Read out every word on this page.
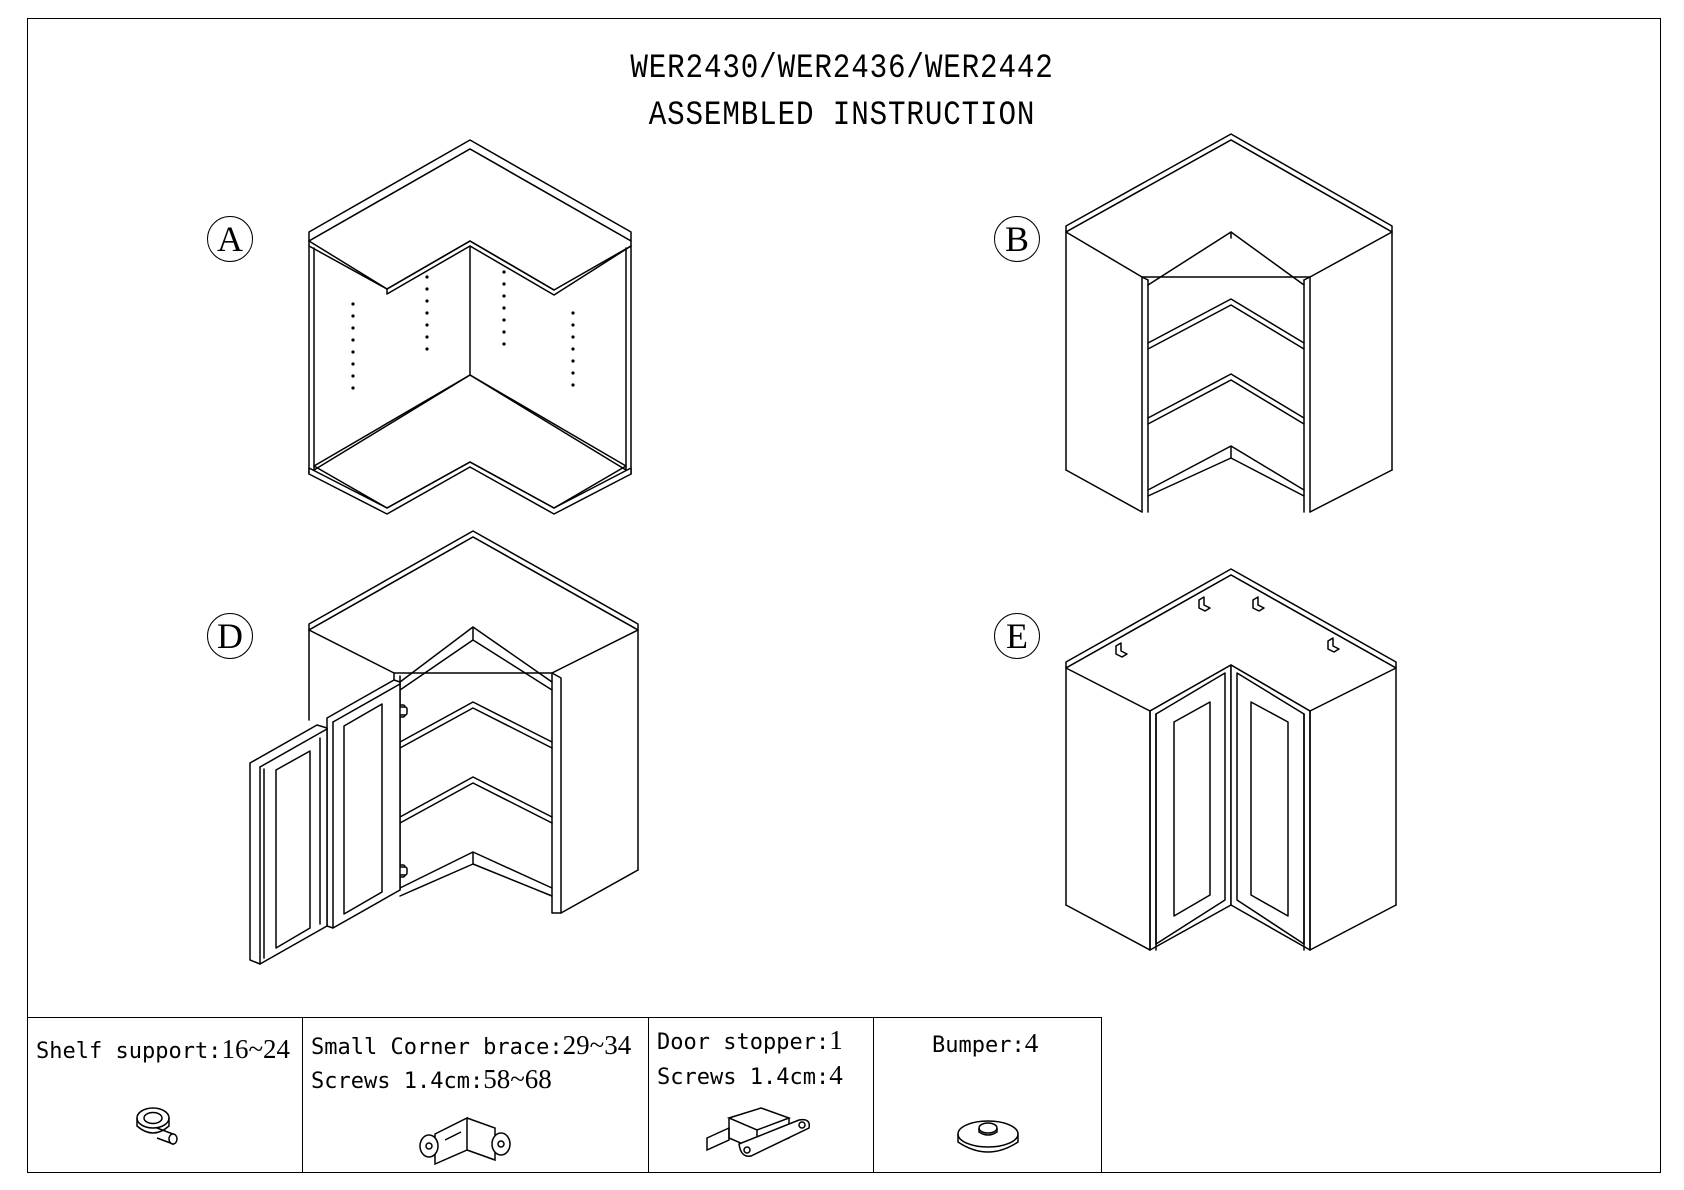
WER2430/WER2436/WER2442
ASSEMBLED INSTRUCTION
A	B
D	E
Shelf support:16~24 Small Corner brace:29~34
Screws 1.4cm:58~68
Door stopper:1
Screws 1.4cm:4
Bumper:4
